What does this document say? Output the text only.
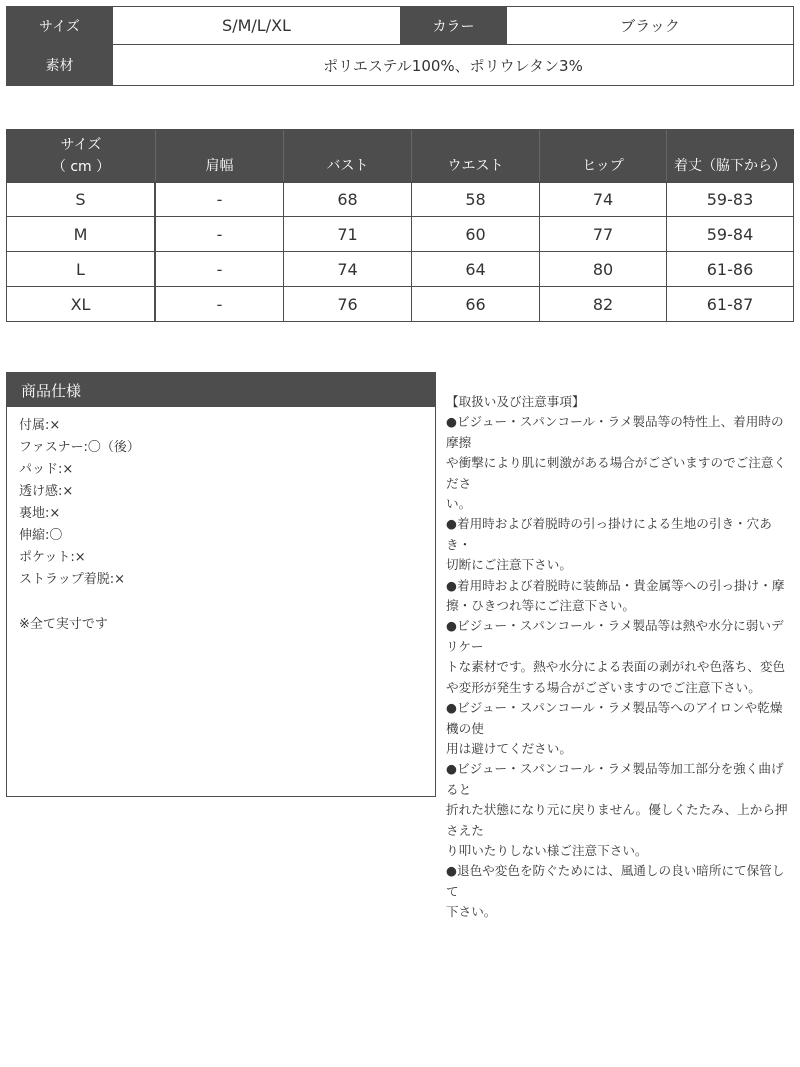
サイズ	S/M/L/XL	カラー	ブラック
素材	ポリエステル100%、ポリウレタン3%
サイズ
（ cm ）	肩幅	バスト	ウエスト	ヒップ	着丈（脇下から）
S	-	68	58	74	59-83
M	-	71	60	77	59-84
L	-	74	64	80	61-86
XL	-	76	66	82	61-87
商品仕様
付属:×
ファスナー:〇（後）
パッド:×
透け感:×
裏地:×
伸縮:〇
ポケット:×
ストラップ着脱:×
※全て実寸です
【取扱い及び注意事項】
●ビジュー・スパンコール・ラメ製品等の特性上、着用時の摩擦
や衝撃により肌に刺激がある場合がございますのでご注意くださ
い。
●着用時および着脱時の引っ掛けによる生地の引き・穴あき・
切断にご注意下さい。
●着用時および着脱時に装飾品・貴金属等への引っ掛け・摩
擦・ひきつれ等にご注意下さい。
●ビジュー・スパンコール・ラメ製品等は熱や水分に弱いデリケー
トな素材です。熱や水分による表面の剥がれや色落ち、変色
や変形が発生する場合がございますのでご注意下さい。
●ビジュー・スパンコール・ラメ製品等へのアイロンや乾燥機の使
用は避けてください。
●ビジュー・スパンコール・ラメ製品等加工部分を強く曲げると
折れた状態になり元に戻りません。優しくたたみ、上から押さえた
り叩いたりしない様ご注意下さい。
●退色や変色を防ぐためには、風通しの良い暗所にて保管して
下さい。
